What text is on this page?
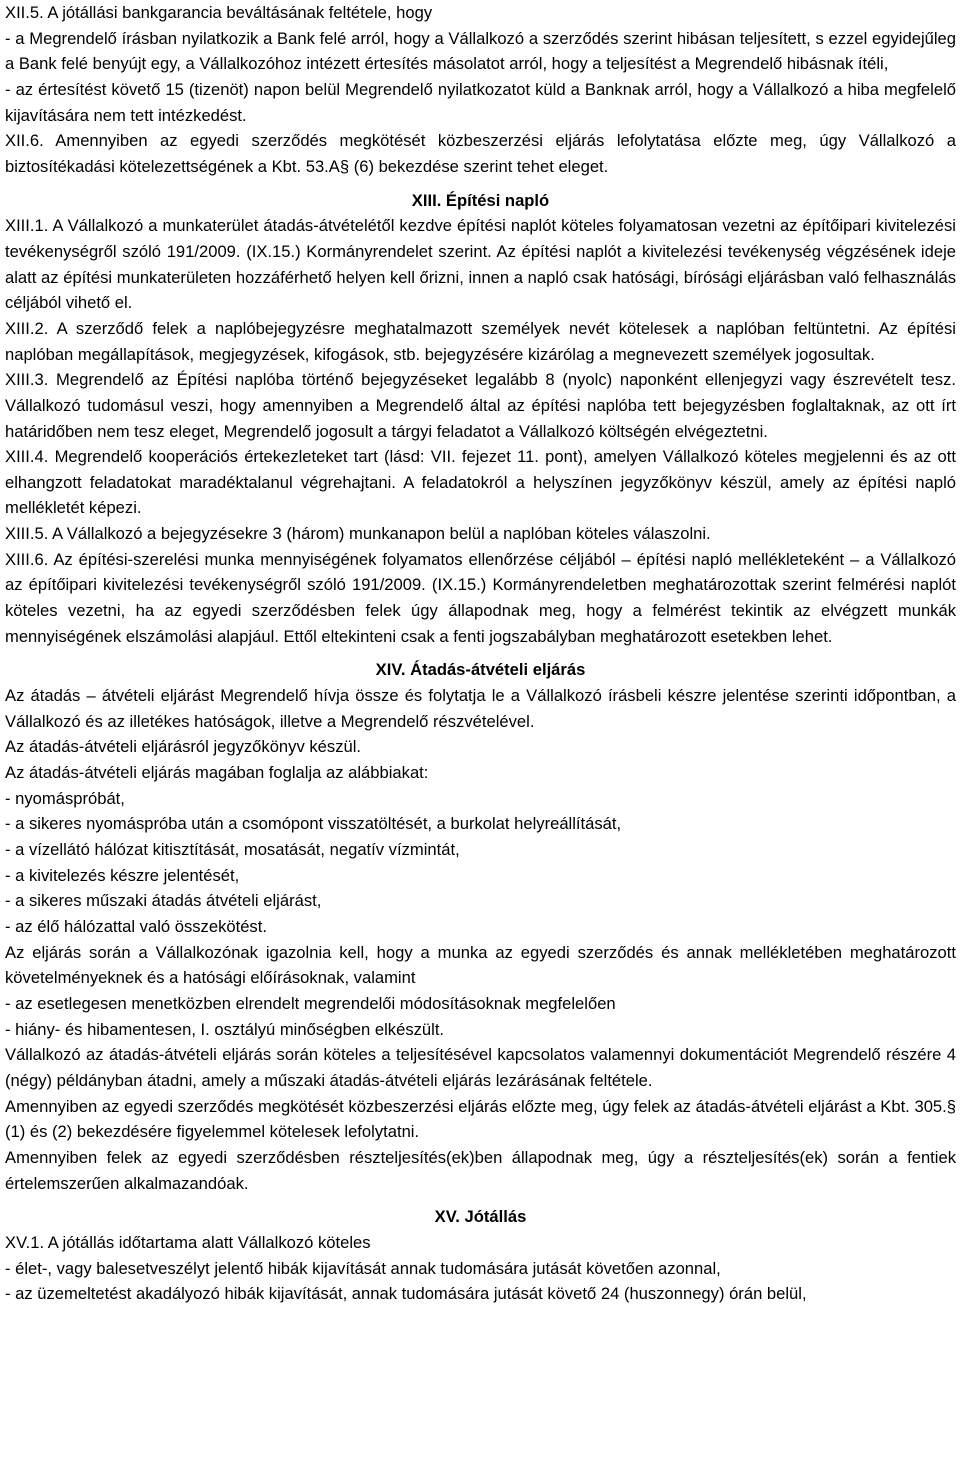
XII.5. A jótállási bankgarancia beváltásának feltétele, hogy

- a Megrendelő írásban nyilatkozik a Bank felé arról, hogy a Vállalkozó a szerződés szerint hibásan teljesített, s ezzel egyidejűleg a Bank felé benyújt egy, a Vállalkozóhoz intézett értesítés másolatot arról, hogy a teljesítést a Megrendelő hibásnak ítéli,

- az értesítést követő 15 (tizenöt) napon belül Megrendelő nyilatkozatot küld a Banknak arról, hogy a Vállalkozó a hiba megfelelő kijavítására nem tett intézkedést.

XII.6. Amennyiben az egyedi szerződés megkötését közbeszerzési eljárás lefolytatása előzte meg, úgy Vállalkozó a biztosítékadási kötelezettségének a Kbt. 53.A§ (6) bekezdése szerint tehet eleget.

XIII. Építési napló

XIII.1. A Vállalkozó a munkaterület átadás-átvételétől kezdve építési naplót köteles folyamatosan vezetni az építőipari kivitelezési tevékenységről szóló 191/2009. (IX.15.) Kormányrendelet szerint. Az építési naplót a kivitelezési tevékenység végzésének ideje alatt az építési munkaterületen hozzáférhető helyen kell őrizni, innen a napló csak hatósági, bírósági eljárásban való felhasználás céljából vihető el.

XIII.2. A szerződő felek a naplóbejegyzésre meghatalmazott személyek nevét kötelesek a naplóban feltüntetni. Az építési naplóban megállapítások, megjegyzések, kifogások, stb. bejegyzésére kizárólag a megnevezett személyek jogosultak.

XIII.3. Megrendelő az Építési naplóba történő bejegyzéseket legalább 8 (nyolc) naponként ellenjegyzi vagy észrevételt tesz. Vállalkozó tudomásul veszi, hogy amennyiben a Megrendelő által az építési naplóba tett bejegyzésben foglaltaknak, az ott írt határidőben nem tesz eleget, Megrendelő jogosult a tárgyi feladatot a Vállalkozó költségén elvégeztetni.

XIII.4. Megrendelő kooperációs értekezleteket tart (lásd: VII. fejezet 11. pont), amelyen Vállalkozó köteles megjelenni és az ott elhangzott feladatokat maradéktalanul végrehajtani. A feladatokról a helyszínen jegyzőkönyv készül, amely az építési napló mellékletét képezi.

XIII.5. A Vállalkozó a bejegyzésekre 3 (három) munkanapon belül a naplóban köteles válaszolni.

XIII.6. Az építési-szerelési munka mennyiségének folyamatos ellenőrzése céljából – építési napló mellékleteként – a Vállalkozó az építőipari kivitelezési tevékenységről szóló 191/2009. (IX.15.) Kormányrendeletben meghatározottak szerint felmérési naplót köteles vezetni, ha az egyedi szerződésben felek úgy állapodnak meg, hogy a felmérést tekintik az elvégzett munkák mennyiségének elszámolási alapjául. Ettől eltekinteni csak a fenti jogszabályban meghatározott esetekben lehet.

XIV. Átadás-átvételi eljárás

Az átadás – átvételi eljárást Megrendelő hívja össze és folytatja le a Vállalkozó írásbeli készre jelentése szerinti időpontban, a Vállalkozó és az illetékes hatóságok, illetve a Megrendelő részvételével.

Az átadás-átvételi eljárásról jegyzőkönyv készül.

Az átadás-átvételi eljárás magában foglalja az alábbiakat:

- nyomáspróbát,

- a sikeres nyomáspróba után a csomópont visszatöltését, a burkolat helyreállítását,

- a vízellátó hálózat kitisztítását, mosatását, negatív vízmintát,

- a kivitelezés készre jelentését,

- a sikeres műszaki átadás átvételi eljárást,

- az élő hálózattal való összekötést.

Az eljárás során a Vállalkozónak igazolnia kell, hogy a munka az egyedi szerződés és annak mellékletében meghatározott követelményeknek és a hatósági előírásoknak, valamint

- az esetlegesen menetközben elrendelt megrendelői módosításoknak megfelelően

- hiány- és hibamentesen, I. osztályú minőségben elkészült.

Vállalkozó az átadás-átvételi eljárás során köteles a teljesítésével kapcsolatos valamennyi dokumentációt Megrendelő részére 4 (négy) példányban átadni, amely a műszaki átadás-átvételi eljárás lezárásának feltétele.

Amennyiben az egyedi szerződés megkötését közbeszerzési eljárás előzte meg, úgy felek az átadás-átvételi eljárást a Kbt. 305.§ (1) és (2) bekezdésére figyelemmel kötelesek lefolytatni.

Amennyiben felek az egyedi szerződésben részteljesítés(ek)ben állapodnak meg, úgy a részteljesítés(ek) során a fentiek értelemszerűen alkalmazandóak.

XV. Jótállás

XV.1. A jótállás időtartama alatt Vállalkozó köteles

- élet-, vagy balesetveszélyt jelentő hibák kijavítását annak tudomására jutását követően azonnal,

- az üzemeltetést akadályozó hibák kijavítását, annak tudomására jutását követő 24 (huszonnegy) órán belül,
